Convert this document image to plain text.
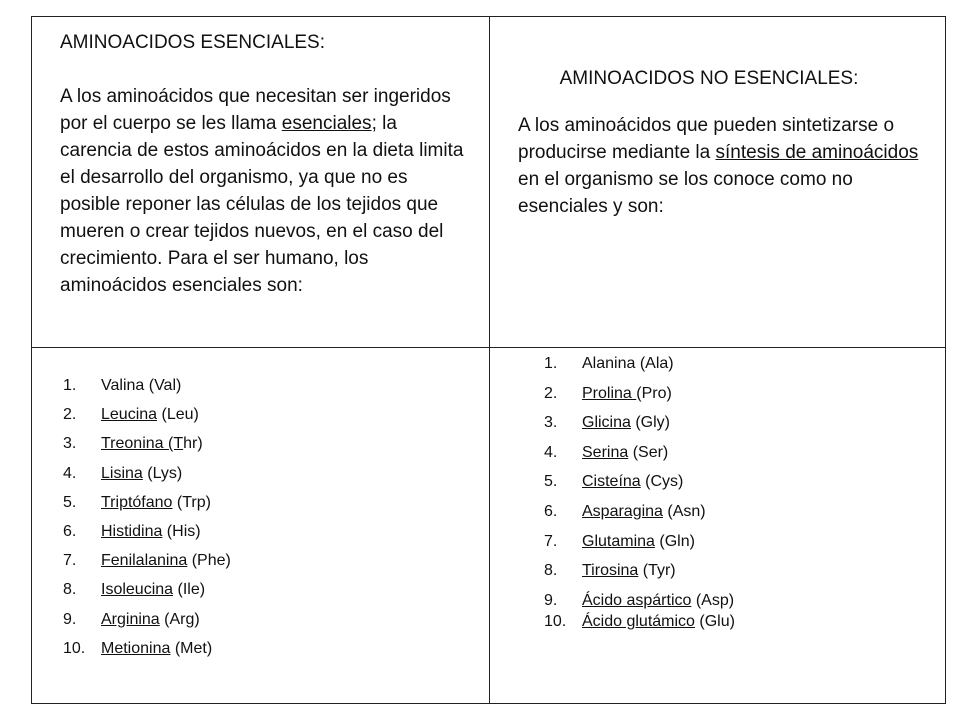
AMINOACIDOS ESENCIALES:

A los aminoácidos que necesitan ser ingeridos por el cuerpo se les llama esenciales; la carencia de estos aminoácidos en la dieta limita el desarrollo del organismo, ya que no es posible reponer las células de los tejidos que mueren o crear tejidos nuevos, en el caso del crecimiento. Para el ser humano, los aminoácidos esenciales son:

AMINOACIDOS NO ESENCIALES:

A los aminoácidos que pueden sintetizarse o producirse mediante la síntesis de aminoácidos en el organismo se los conoce como no esenciales y son:

1. Valina (Val)
2. Leucina (Leu)
3. Treonina (Thr)
4. Lisina (Lys)
5. Triptófano (Trp)
6. Histidina (His)
7. Fenilalanina (Phe)
8. Isoleucina (Ile)
9. Arginina (Arg)
10. Metionina (Met)
1. Alanina (Ala)
2. Prolina (Pro)
3. Glicina (Gly)
4. Serina (Ser)
5. Cisteína (Cys)
6. Asparagina (Asn)
7. Glutamina (Gln)
8. Tirosina (Tyr)
9. Ácido aspártico (Asp)
10. Ácido glutámico (Glu)
